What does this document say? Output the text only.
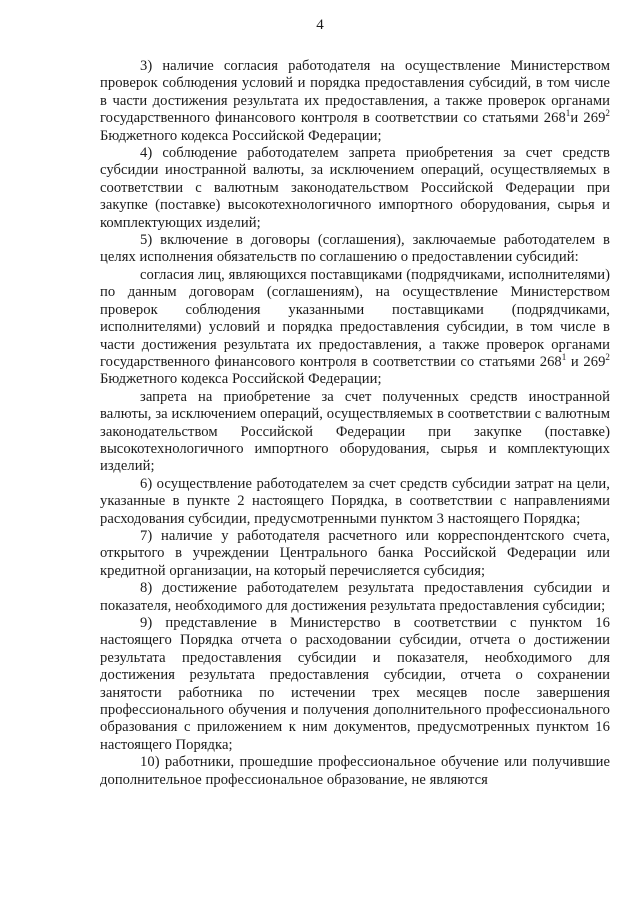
4

3) наличие согласия работодателя на осуществление Министерством проверок соблюдения условий и порядка предоставления субсидий, в том числе в части достижения результата их предоставления, а также проверок органами государственного финансового контроля в соответствии со статьями $268^1и$ $269^2$ Бюджетного кодекса Российской Федерации;

4) соблюдение работодателем запрета приобретения за счет средств субсидии иностранной валюты, за исключением операций, осуществляемых в соответствии с валютным законодательством Российской Федерации при закупке (поставке) высокотехнологичного импортного оборудования, сырья и комплектующих изделий;

5) включение в договоры (соглашения), заключаемые работодателем в целях исполнения обязательств по соглашению о предоставлении субсидий:

согласия лиц, являющихся поставщиками (подрядчиками, исполнителями) по данным договорам (соглашениям), на осуществление Министерством проверок соблюдения указанными поставщиками (подрядчиками, исполнителями) условий и порядка предоставления субсидии, в том числе в части достижения результата их предоставления, а также проверок органами государственного финансового контроля в соответствии со статьями $268^1$ и $269^2$ Бюджетного кодекса Российской Федерации;

запрета на приобретение за счет полученных средств иностранной валюты, за исключением операций, осуществляемых в соответствии с валютным законодательством Российской Федерации при закупке (поставке) высокотехнологичного импортного оборудования, сырья и комплектующих изделий;

6) осуществление работодателем за счет средств субсидии затрат на цели, указанные в пункте 2 настоящего Порядка, в соответствии с направлениями расходования субсидии, предусмотренными пунктом 3 настоящего Порядка;

7) наличие у работодателя расчетного или корреспондентского счета, открытого в учреждении Центрального банка Российской Федерации или кредитной организации, на который перечисляется субсидия;

8) достижение работодателем результата предоставления субсидии и показателя, необходимого для достижения результата предоставления субсидии;

9) представление в Министерство в соответствии с пунктом 16 настоящего Порядка отчета о расходовании субсидии, отчета о достижении результата предоставления субсидии и показателя, необходимого для достижения результата предоставления субсидии, отчета о сохранении занятости работника по истечении трех месяцев после завершения профессионального обучения и получения дополнительного профессионального образования с приложением к ним документов, предусмотренных пунктом 16 настоящего Порядка;

10) работники, прошедшие профессиональное обучение или получившие дополнительное профессиональное образование, не являются
